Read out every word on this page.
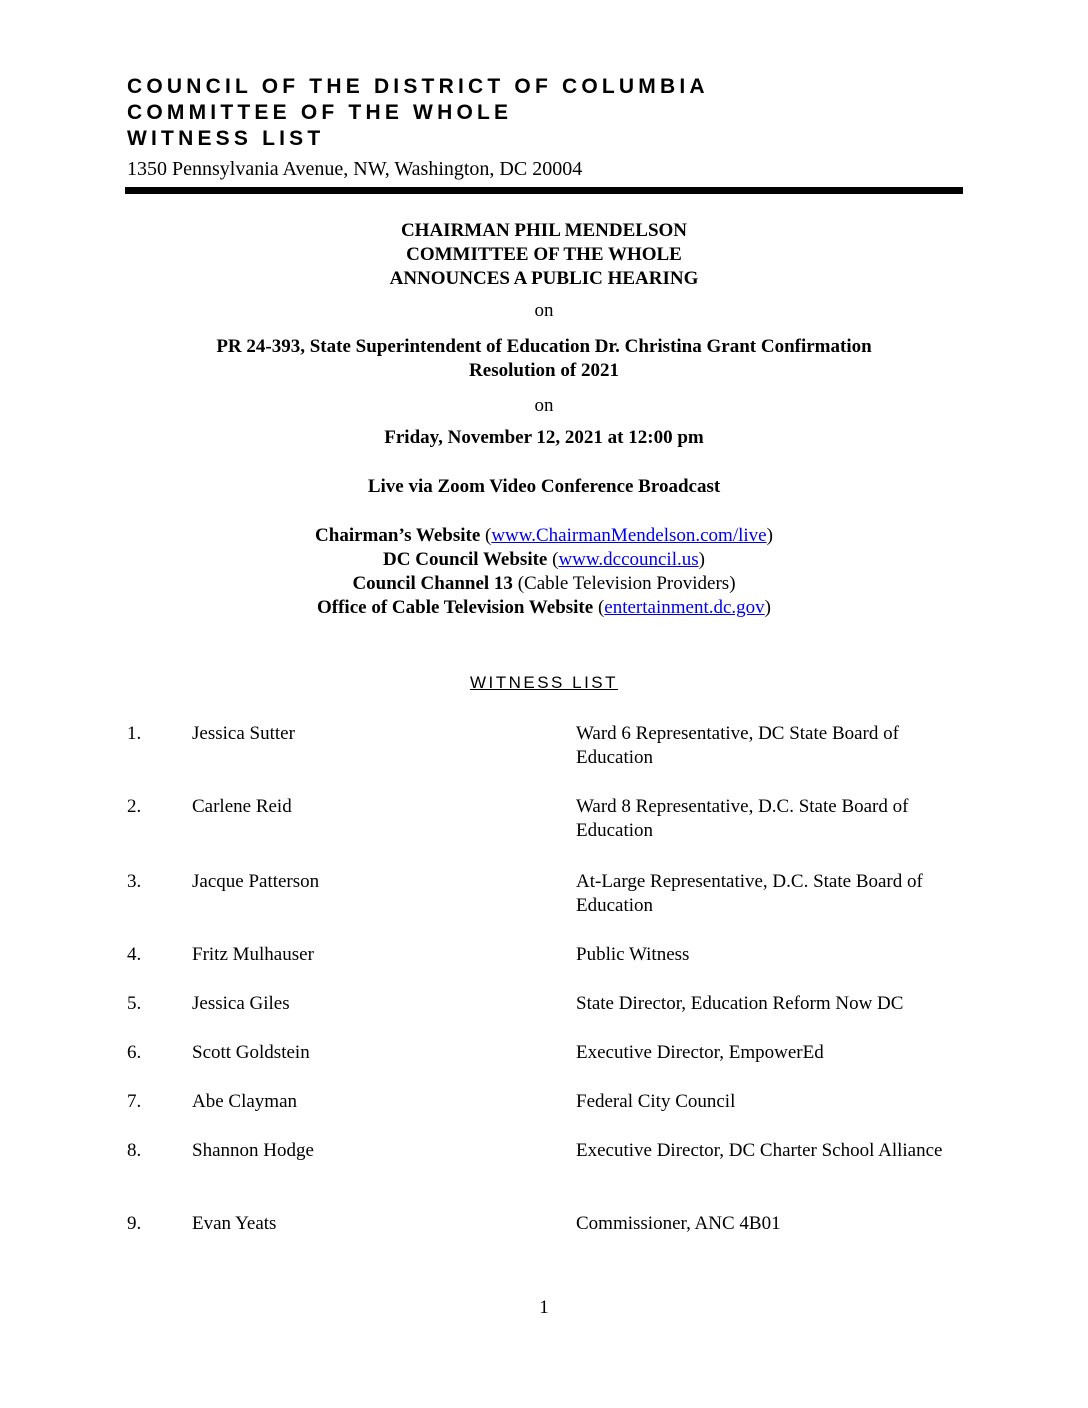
COUNCIL OF THE DISTRICT OF COLUMBIA
COMMITTEE OF THE WHOLE
WITNESS LIST
1350 Pennsylvania Avenue, NW, Washington, DC 20004
CHAIRMAN PHIL MENDELSON
COMMITTEE OF THE WHOLE
ANNOUNCES A PUBLIC HEARING
on
PR 24-393, State Superintendent of Education Dr. Christina Grant Confirmation
Resolution of 2021
on
Friday, November 12, 2021 at 12:00 pm
Live via Zoom Video Conference Broadcast
Chairman’s Website (www.ChairmanMendelson.com/live)
DC Council Website (www.dccouncil.us)
Council Channel 13 (Cable Television Providers)
Office of Cable Television Website (entertainment.dc.gov)
WITNESS LIST
1.	Jessica Sutter	Ward 6 Representative, DC State Board of Education
2.	Carlene Reid	Ward 8 Representative, D.C. State Board of Education
3.	Jacque Patterson	At-Large Representative, D.C. State Board of Education
4.	Fritz Mulhauser	Public Witness
5.	Jessica Giles	State Director, Education Reform Now DC
6.	Scott Goldstein	Executive Director, EmpowerEd
7.	Abe Clayman	Federal City Council
8.	Shannon Hodge	Executive Director, DC Charter School Alliance
9.	Evan Yeats	Commissioner, ANC 4B01
1
